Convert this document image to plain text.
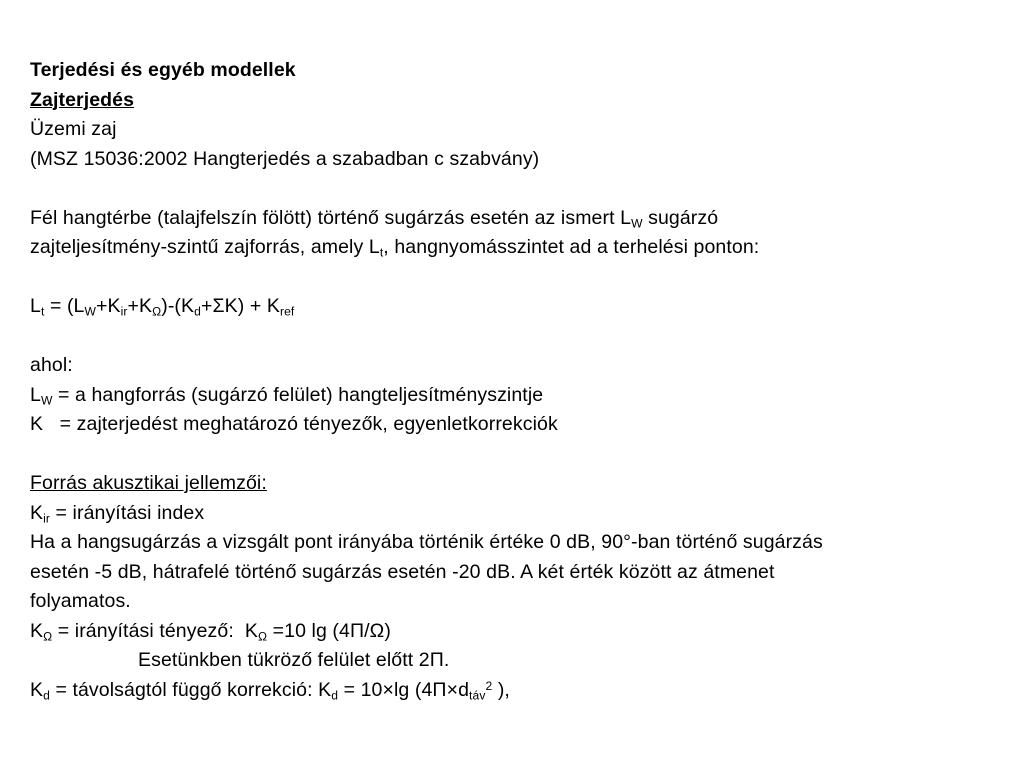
Terjedési és egyéb modellek
Zajterjedés
Üzemi zaj
(MSZ 15036:2002 Hangterjedés a szabadban c szabvány)
Fél hangtérbe (talajfelszín fölött) történő sugárzás esetén az ismert $L_W$ sugárzó
zajteljesítmény-szintű zajforrás, amely $L_t$, hangnyomásszintet ad a terhelési ponton:
$L_t = (L_W+K_{ir}+K_\Omega)-(K_d+\Sigma K) + K_{ref}$
ahol:
$L_W = a$ hangforrás (sugárzó felület) hangteljesítményszintje
K   = zajterjedést meghatározó tényezők, egyenletkorrekciók
Forrás akusztikai jellemzői:
$K_{ir}$ = irányítási index
Ha a hangsugárzás a vizsgált pont irányába történik értéke 0 dB, 90°-ban történő sugárzás
esetén -5 dB, hátrafelé történő sugárzás esetén -20 dB. A két érték között az átmenet
folyamatos.
$K_\Omega$ = irányítási tényező:  $K_\Omega =10$ lg (4Π/Ω)
Esetünkben tükröző felület előtt 2Π.
$K_d$ = távolságtól függő korrekció: $K_d = 10\times\lg$ ($4\Pi\times d_{táv}^2$ ),
